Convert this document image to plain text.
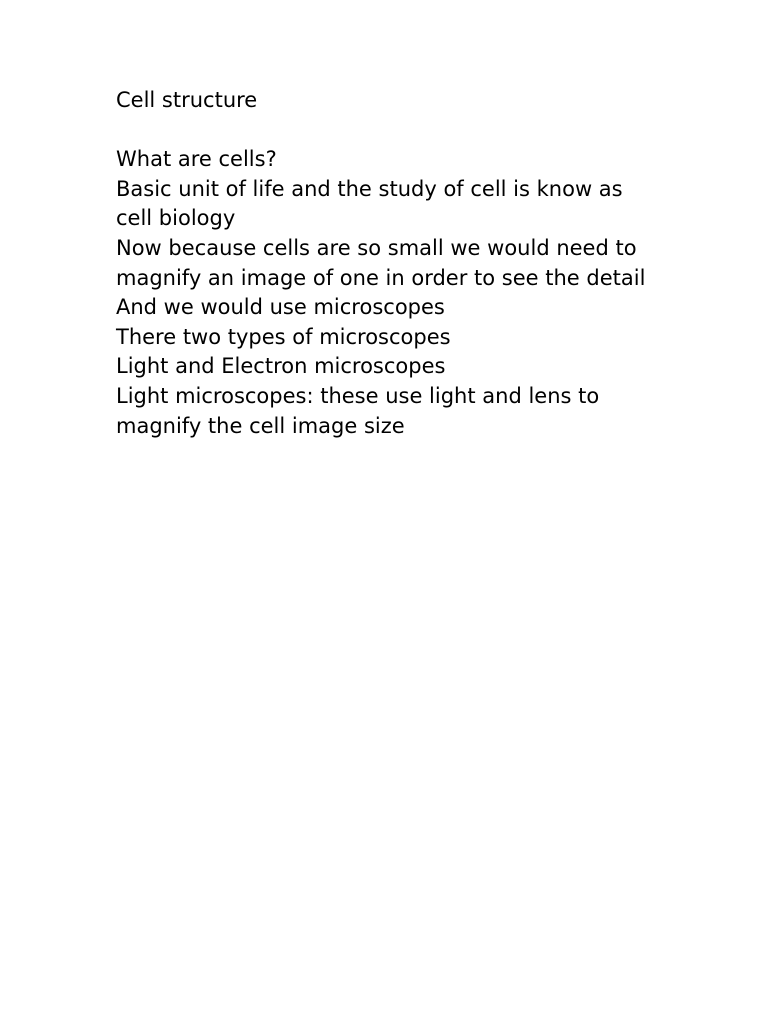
Cell structure
What are cells?
Basic unit of life and the study of cell is know as
cell biology
Now because cells are so small we would need to
magnify an image of one in order to see the detail
And we would use microscopes
There two types of microscopes
Light and Electron microscopes
Light microscopes: these use light and lens to
magnify the cell image size
